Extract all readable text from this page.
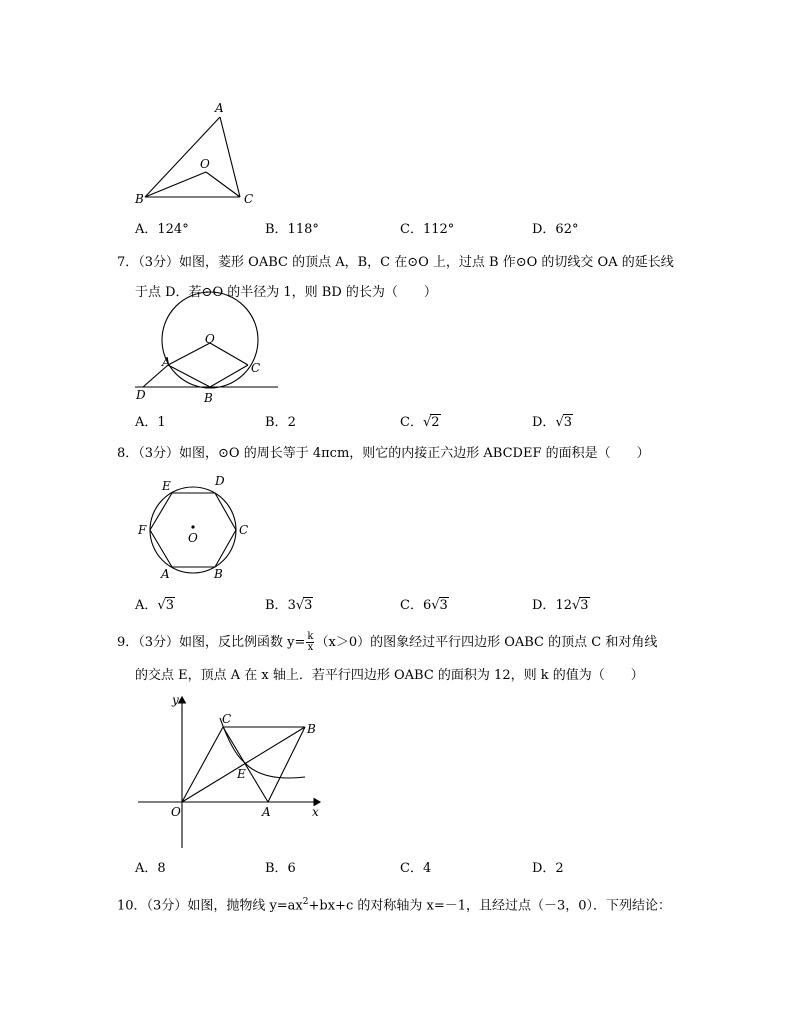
A
O
B	C
A．124°	B．118°	C．112°	D．62°
7．（3分）如图，菱形 OABC 的顶点 A，B，C 在⊙O 上，过点 B 作⊙O 的切线交 OA 的延长线
于点 D．若⊙O 的半径为 1，则 BD 的长为（　　）
O
A	C
D	B
A．1	B．2	C．√2	D．√3
8．（3分）如图，⊙O 的周长等于 4πcm，则它的内接正六边形 ABCDEF 的面积是（　　）
E	D
F	C
O
A	B
A．√3	B．3√3	C．6√3	D．12√3
9．（3分）如图，反比例函数 $y= \frac{k}{x} (x>0)$的图象经过平行四边形 OABC 的顶点 C 和对角线
的交点 E，顶点 A 在 x 轴上．若平行四边形 OABC 的面积为 12，则 k 的值为（　　）
y
x
C
B
E
O	A
A．8	B．6	C．4	D．2
10．（3分）如图，抛物线 $y=ax^2+bx+c$ 的对称轴为 x=－1，且经过点（－3，0）．下列结论：
